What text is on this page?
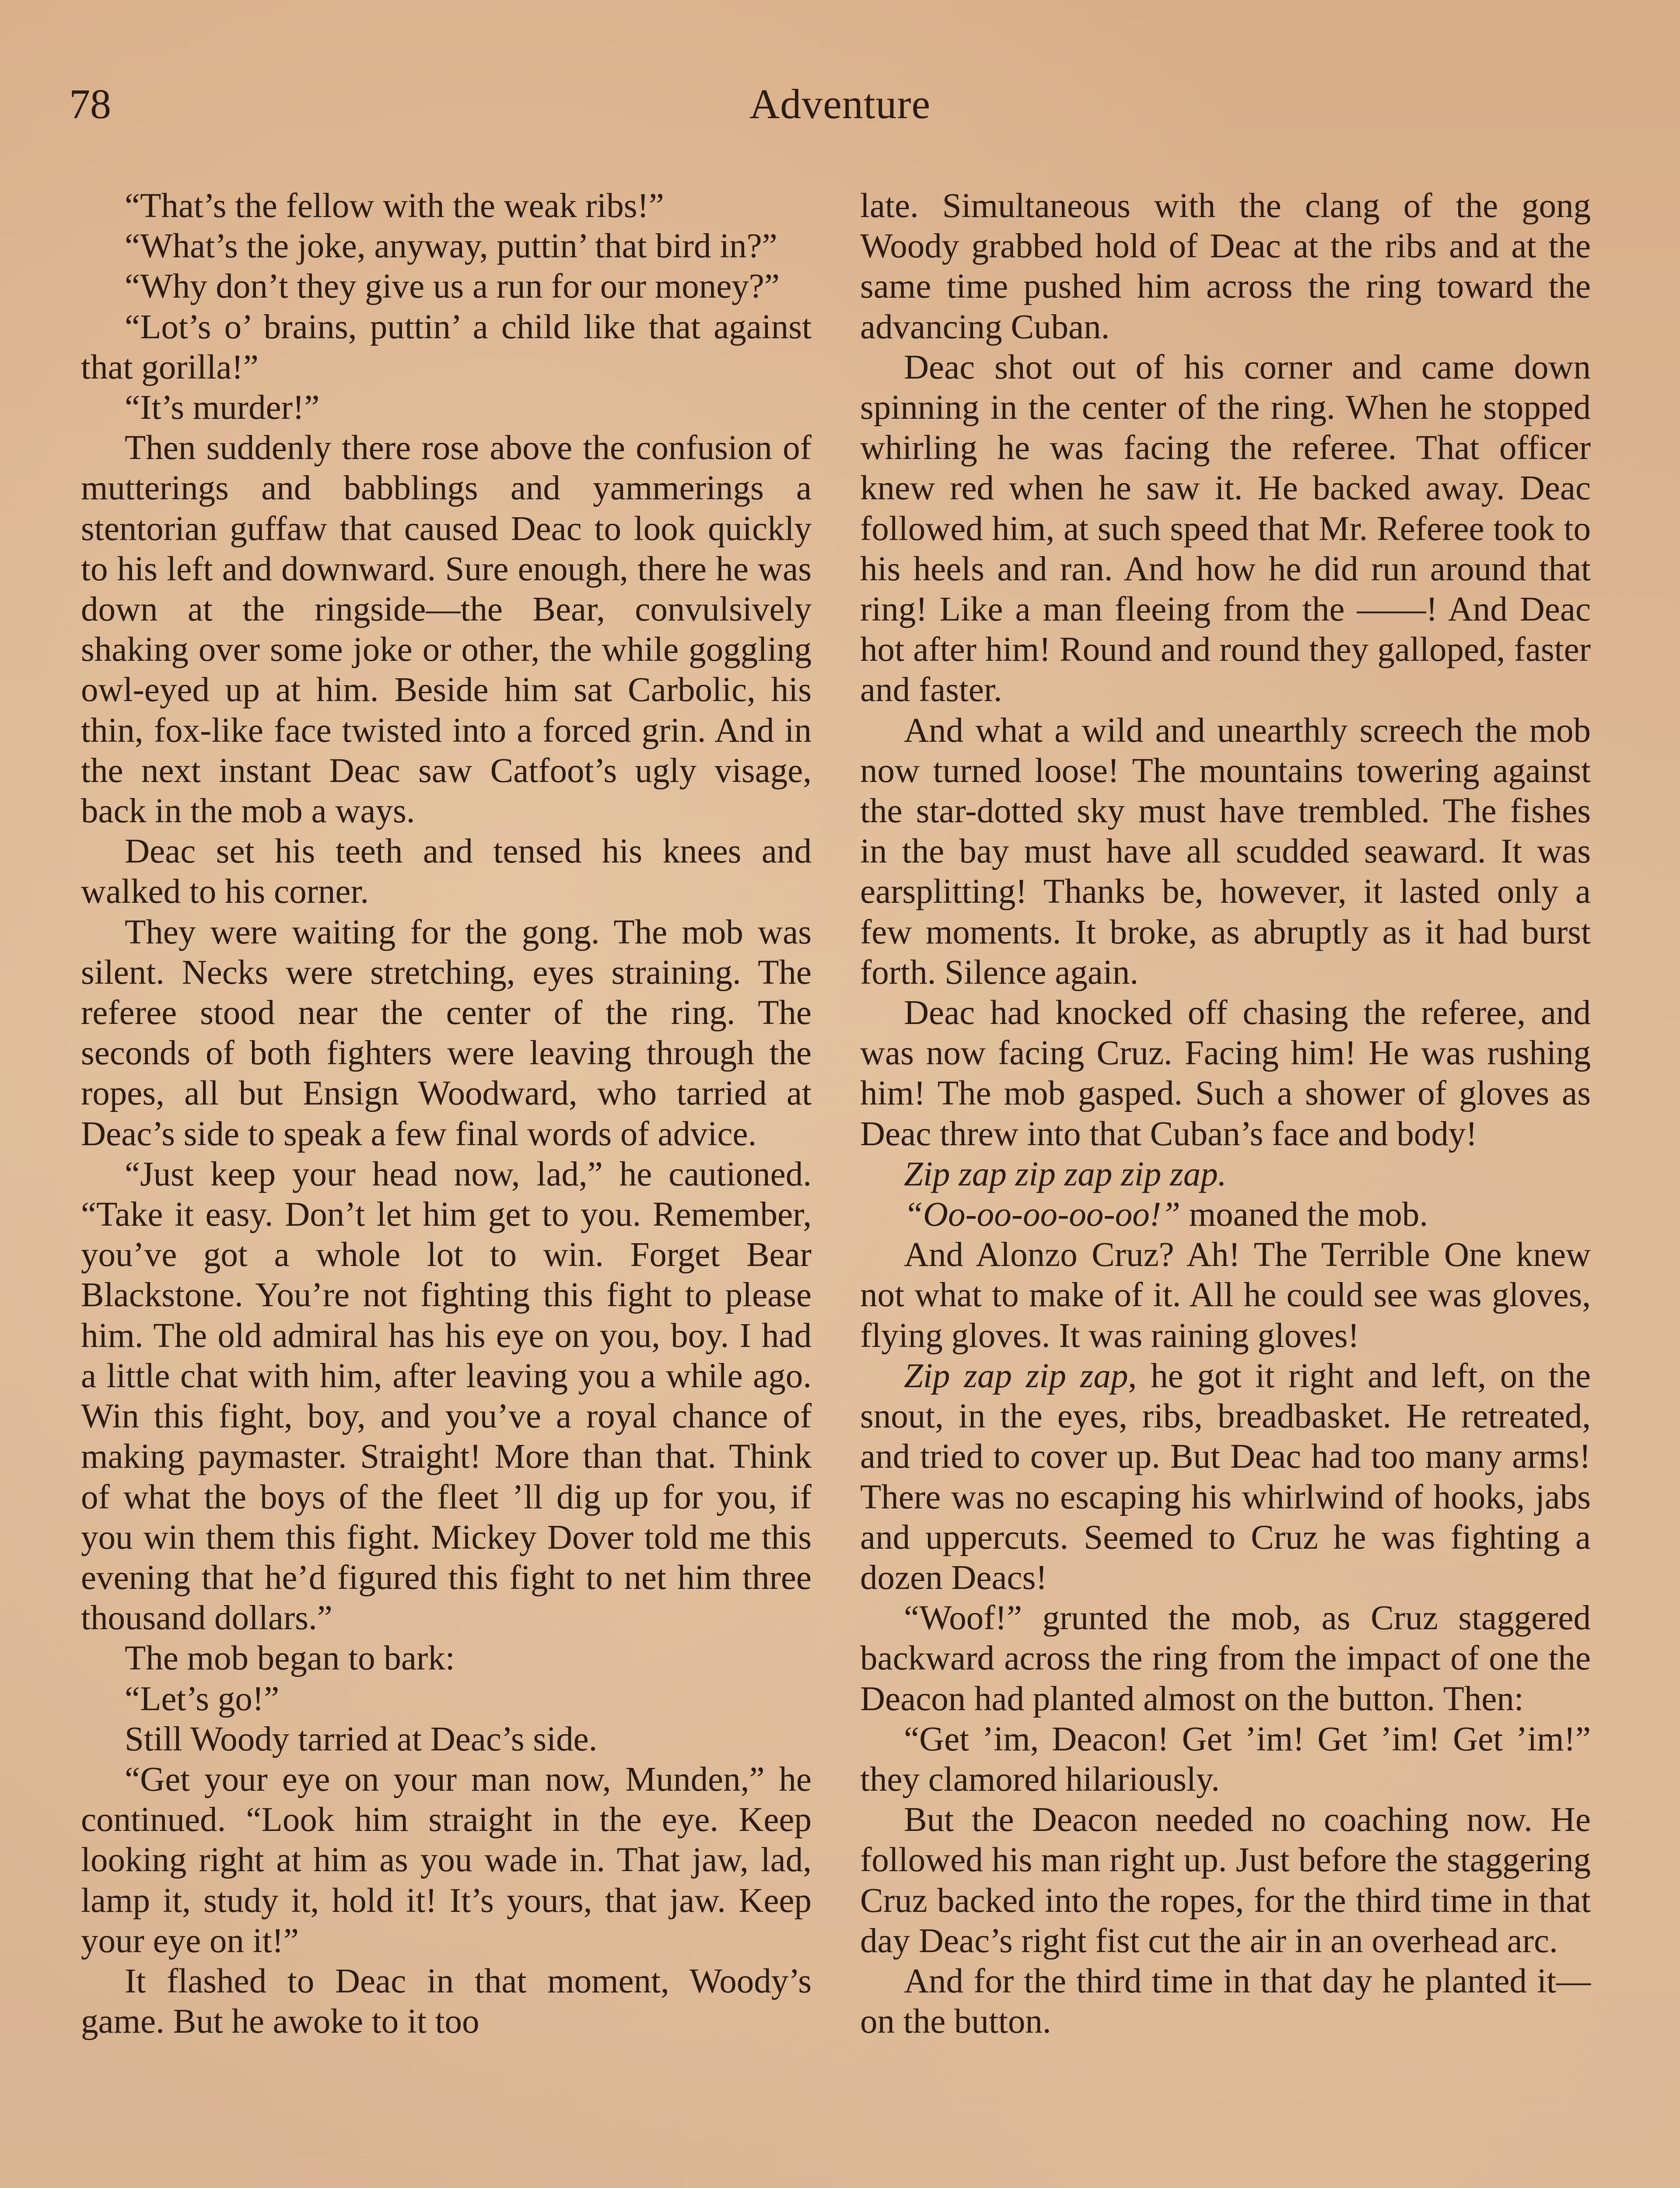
78	Adventure

“That’s the fellow with the weak ribs!”

“What’s the joke, anyway, puttin’ that bird in?”

“Why don’t they give us a run for our money?”

“Lot’s o’ brains, puttin’ a child like that against that gorilla!”

“It’s murder!”

Then suddenly there rose above the confusion of mutterings and babblings and yammerings a stentorian guffaw that caused Deac to look quickly to his left and downward. Sure enough, there he was down at the ringside—the Bear, convulsively shaking over some joke or other, the while goggling owl-eyed up at him. Beside him sat Carbolic, his thin, fox-like face twisted into a forced grin. And in the next instant Deac saw Catfoot’s ugly visage, back in the mob a ways.

Deac set his teeth and tensed his knees and walked to his corner.

They were waiting for the gong. The mob was silent. Necks were stretching, eyes straining. The referee stood near the center of the ring. The seconds of both fighters were leaving through the ropes, all but Ensign Woodward, who tarried at Deac’s side to speak a few final words of advice.

“Just keep your head now, lad,” he cautioned. “Take it easy. Don’t let him get to you. Remember, you’ve got a whole lot to win. Forget Bear Blackstone. You’re not fighting this fight to please him. The old admiral has his eye on you, boy. I had a little chat with him, after leaving you a while ago. Win this fight, boy, and you’ve a royal chance of making paymaster. Straight! More than that. Think of what the boys of the fleet ’ll dig up for you, if you win them this fight. Mickey Dover told me this evening that he’d figured this fight to net him three thousand dollars.”

The mob began to bark:

“Let’s go!”

Still Woody tarried at Deac’s side.

“Get your eye on your man now, Munden,” he continued. “Look him straight in the eye. Keep looking right at him as you wade in. That jaw, lad, lamp it, study it, hold it! It’s yours, that jaw. Keep your eye on it!”

It flashed to Deac in that moment, Woody’s game. But he awoke to it too

late. Simultaneous with the clang of the gong Woody grabbed hold of Deac at the ribs and at the same time pushed him across the ring toward the advancing Cuban.

Deac shot out of his corner and came down spinning in the center of the ring. When he stopped whirling he was facing the referee. That officer knew red when he saw it. He backed away. Deac followed him, at such speed that Mr. Referee took to his heels and ran. And how he did run around that ring! Like a man fleeing from the ——! And Deac hot after him! Round and round they galloped, faster and faster.

And what a wild and unearthly screech the mob now turned loose! The mountains towering against the star-dotted sky must have trembled. The fishes in the bay must have all scudded seaward. It was earsplitting! Thanks be, however, it lasted only a few moments. It broke, as abruptly as it had burst forth. Silence again.

Deac had knocked off chasing the referee, and was now facing Cruz. Facing him! He was rushing him! The mob gasped. Such a shower of gloves as Deac threw into that Cuban’s face and body!

Zip zap zip zap zip zap.

“Oo-oo-oo-oo-oo!” moaned the mob.

And Alonzo Cruz? Ah! The Terrible One knew not what to make of it. All he could see was gloves, flying gloves. It was raining gloves!

Zip zap zip zap, he got it right and left, on the snout, in the eyes, ribs, breadbasket. He retreated, and tried to cover up. But Deac had too many arms! There was no escaping his whirlwind of hooks, jabs and uppercuts. Seemed to Cruz he was fighting a dozen Deacs!

“Woof!” grunted the mob, as Cruz staggered backward across the ring from the impact of one the Deacon had planted almost on the button. Then:

“Get ’im, Deacon! Get ’im! Get ’im! Get ’im!” they clamored hilariously.

But the Deacon needed no coaching now. He followed his man right up. Just before the staggering Cruz backed into the ropes, for the third time in that day Deac’s right fist cut the air in an overhead arc.

And for the third time in that day he planted it—on the button.
